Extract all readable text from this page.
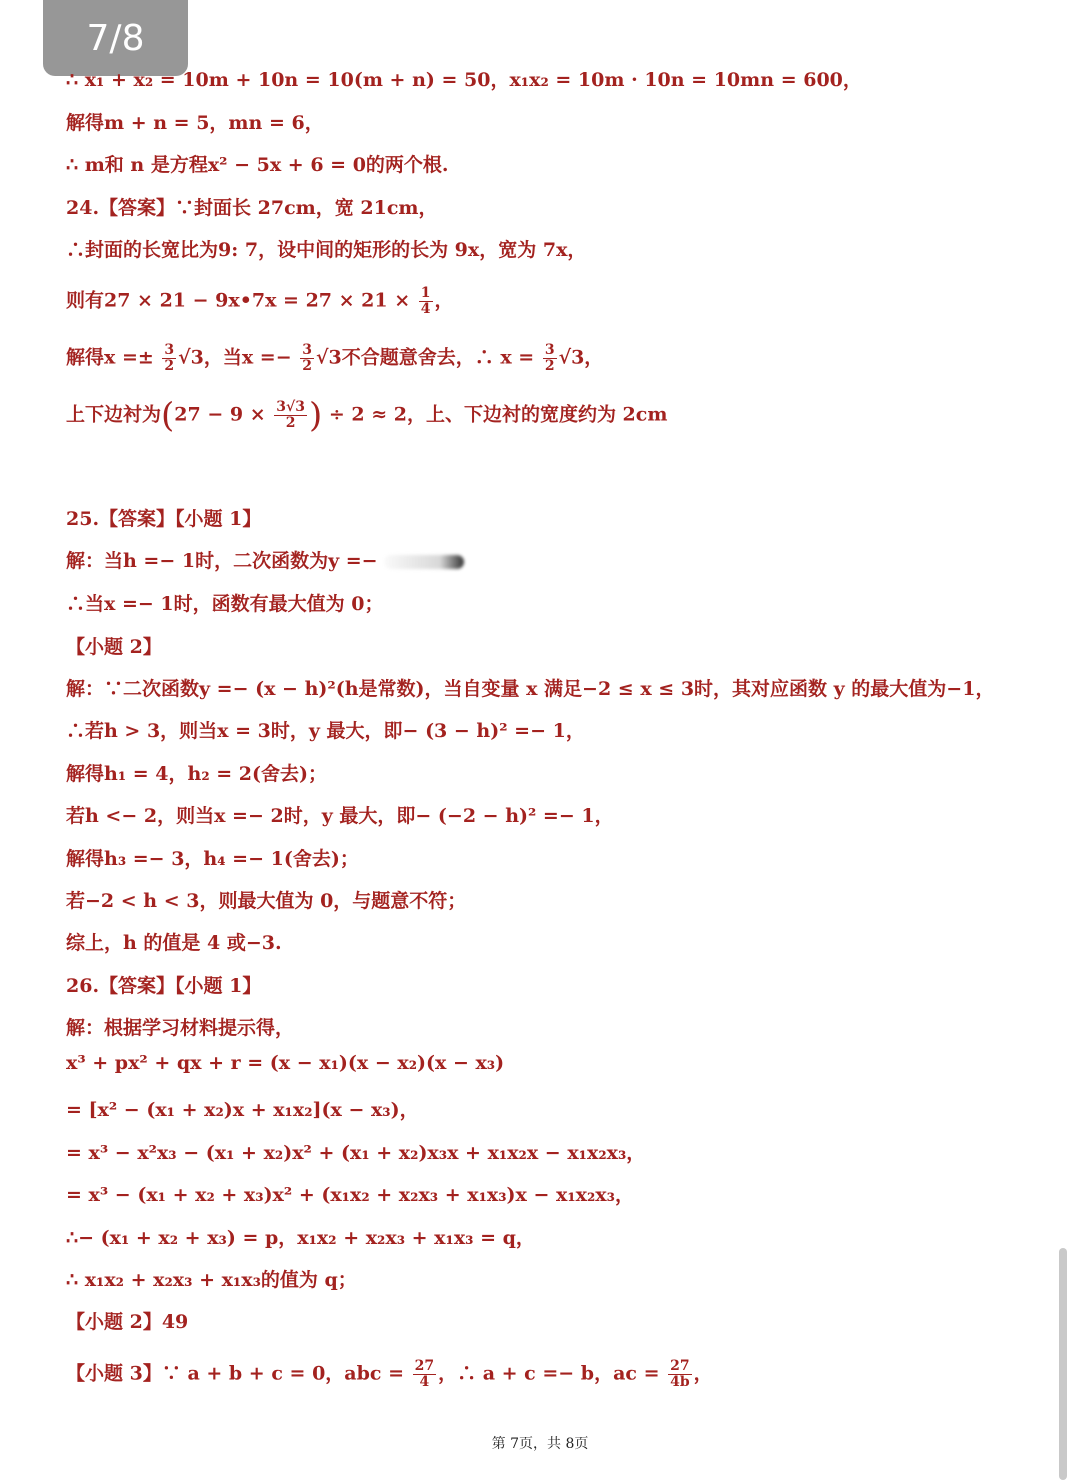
7/8
∴ x₁ + x₂ = 10m + 10n = 10(m + n) = 50，x₁x₂ = 10m · 10n = 10mn = 600，
解得m + n = 5，mn = 6，
∴ m和 n 是方程x² − 5x + 6 = 0的两个根.
24.【答案】∵封面长 27cm，宽 21cm，
∴封面的长宽比为9: 7，设中间的矩形的长为 9x，宽为 7x，
则有27 × 21 − 9x•7x = $27 \times 21 \times \frac{1}{4}$ ，
解得$x =\pm \frac{3}{2} √3$，当$x =- \frac{3}{2} √3$不合题意舍去，∴ $x = \frac{3}{2} √3$，
上下边衬为($27 - 9 \times \frac{3√3}{2}$ ) ÷ 2 ≈ 2，上、下边衬的宽度约为 2cm
25.【答案】【小题 1】
解：当h =− 1时，二次函数为y =−
∴当x =− 1时，函数有最大值为 0；
【小题 2】
解：∵二次函数y =− (x − h)²(h是常数)，当自变量 x 满足−2 ≤ x ≤ 3时，其对应函数 y 的最大值为−1，
∴若h > 3，则当x = 3时，y 最大，即− (3 − h)² =− 1，
解得h₁ = 4，h₂ = 2(舍去)；
若h <− 2，则当x =− 2时，y 最大，即− (−2 − h)² =− 1，
解得h₃ =− 3，h₄ =− 1(舍去)；
若−2 < h < 3，则最大值为 0，与题意不符；
综上，h 的值是 4 或−3.
26.【答案】【小题 1】
解：根据学习材料提示得，
x³ + px² + qx + r = (x − x₁)(x − x₂)(x − x₃)
= [x² − (x₁ + x₂)x + x₁x₂](x − x₃)，
= x³ − x²x₃ − (x₁ + x₂)x² + (x₁ + x₂)x₃x + x₁x₂x − x₁x₂x₃，
= x³ − (x₁ + x₂ + x₃)x² + (x₁x₂ + x₂x₃ + x₁x₃)x − x₁x₂x₃，
∴− (x₁ + x₂ + x₃) = p，x₁x₂ + x₂x₃ + x₁x₃ = q，
∴ x₁x₂ + x₂x₃ + x₁x₃的值为 q；
【小题 2】49
【小题 3】∵ a + b + c = 0，abc = $\frac{27}{4}$ ，∴ a + c =− b，ac = $\frac{27}{4b}$ ，
第 7页，共 8页
